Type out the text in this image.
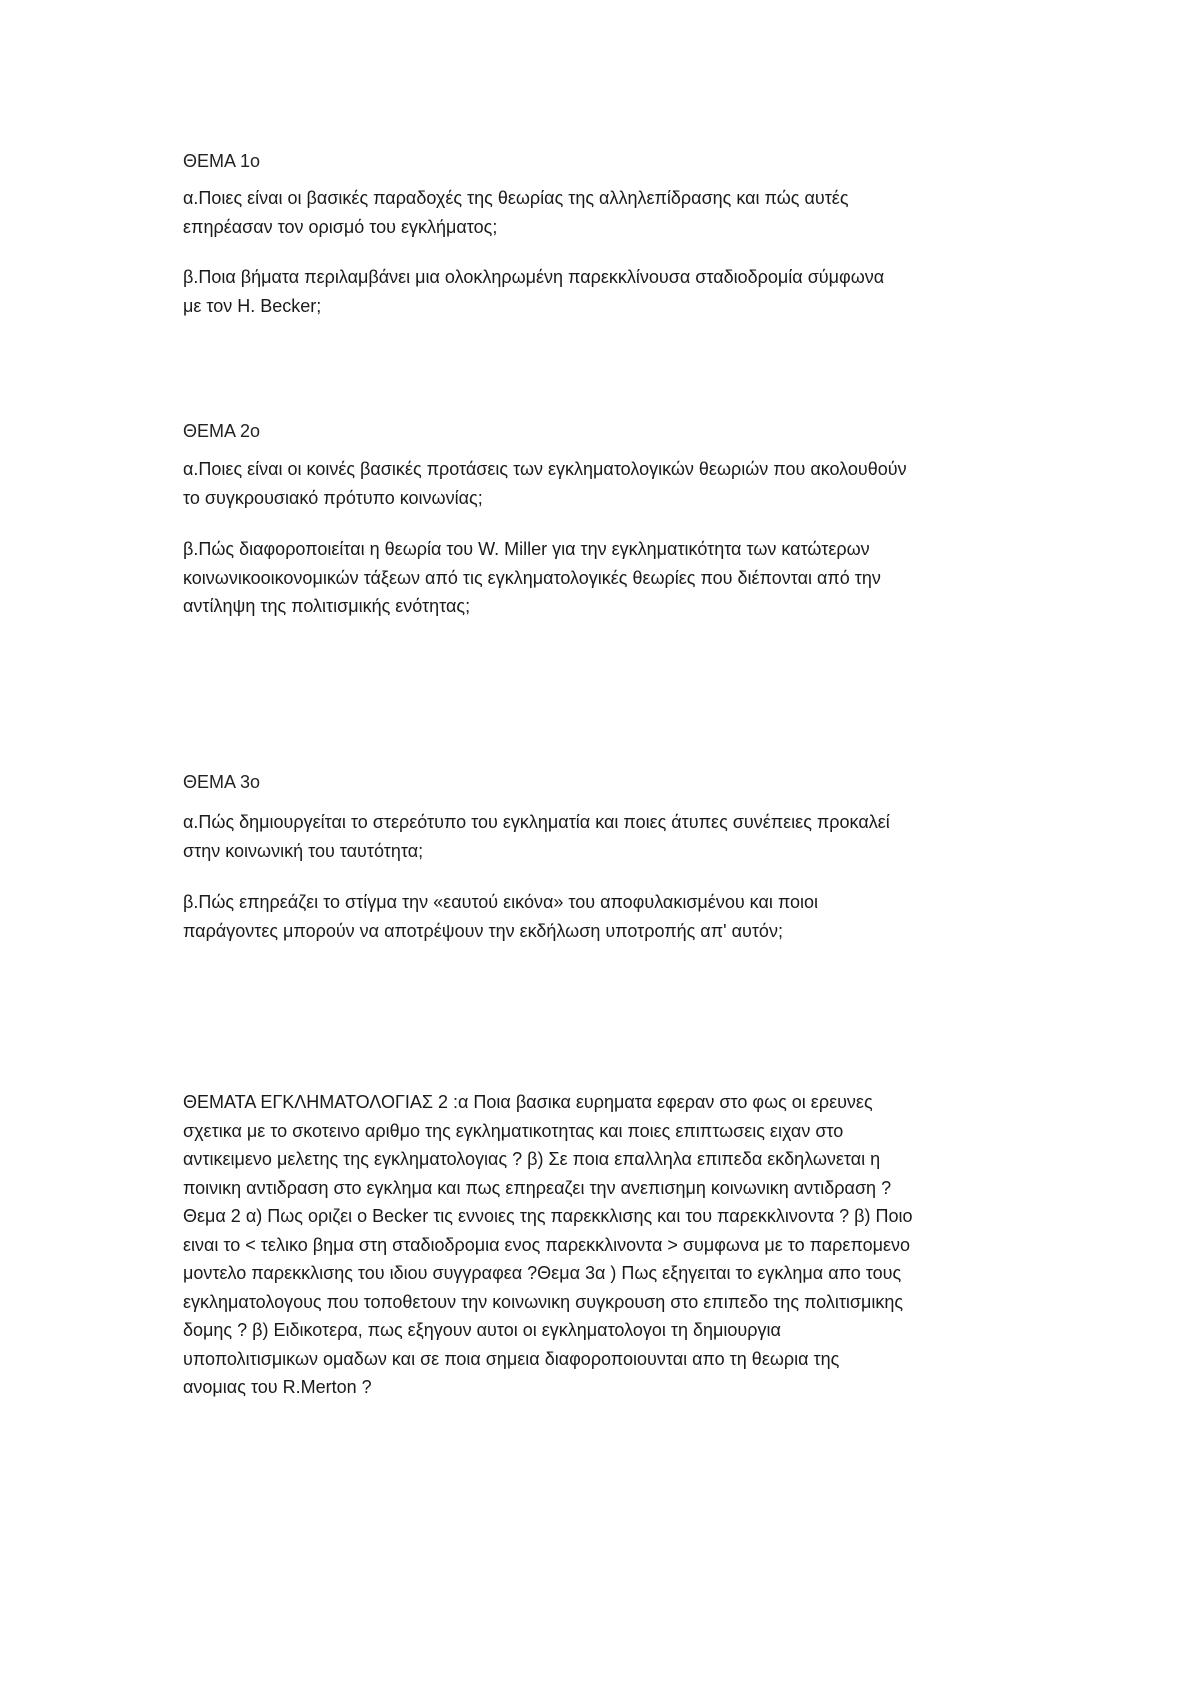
ΘΕΜΑ 1ο
α.Ποιες είναι οι βασικές παραδοχές της θεωρίας της αλληλεπίδρασης και πώς αυτές
επηρέασαν τον ορισμό του εγκλήματος;
β.Ποια βήματα περιλαμβάνει μια ολοκληρωμένη παρεκκλίνουσα σταδιοδρομία σύμφωνα
με τον H. Becker;
ΘΕΜΑ 2ο
α.Ποιες είναι οι κοινές βασικές προτάσεις των εγκληματολογικών θεωριών που ακολουθούν
το συγκρουσιακό πρότυπο κοινωνίας;
β.Πώς διαφοροποιείται η θεωρία του W. Miller για την εγκληματικότητα των κατώτερων
κοινωνικοοικονομικών τάξεων από τις εγκληματολογικές θεωρίες που διέπονται από την
αντίληψη της πολιτισμικής ενότητας;
ΘΕΜΑ 3ο
α.Πώς δημιουργείται το στερεότυπο του εγκληματία και ποιες άτυπες συνέπειες προκαλεί
στην κοινωνική του ταυτότητα;
β.Πώς επηρεάζει το στίγμα την «εαυτού εικόνα» του αποφυλακισμένου και ποιοι
παράγοντες μπορούν να αποτρέψουν την εκδήλωση υποτροπής απ' αυτόν;
ΘΕΜΑΤΑ ΕΓΚΛΗΜΑΤΟΛΟΓΙΑΣ 2 :α Ποια βασικα ευρηματα εφεραν στο φως οι ερευνες
σχετικα με το σκοτεινο αριθμο της εγκληματικοτητας και ποιες επιπτωσεις ειχαν στο
αντικειμενο μελετης της εγκληματολογιας ? β) Σε ποια επαλληλα επιπεδα εκδηλωνεται η
ποινικη αντιδραση στο εγκλημα και πως επηρεαζει την ανεπισημη κοινωνικη αντιδραση ?
Θεμα 2 α) Πως οριζει ο Becker τις εννοιες της παρεκκλισης και του παρεκκλινοντα ? β) Ποιο
ειναι το < τελικο βημα στη σταδιοδρομια ενος παρεκκλινοντα > συμφωνα με το παρεπομενο
μοντελο παρεκκλισης του ιδιου συγγραφεα ?Θεμα 3α ) Πως εξηγειται το εγκλημα απο τους
εγκληματολογους που τοποθετουν την κοινωνικη συγκρουση στο επιπεδο της πολιτισμικης
δομης ? β) Ειδικοτερα, πως εξηγουν αυτοι οι εγκληματολογοι τη δημιουργια
υποπολιτισμικων ομαδων και σε ποια σημεια διαφοροποιουνται απο τη θεωρια της
ανομιας του R.Merton ?
